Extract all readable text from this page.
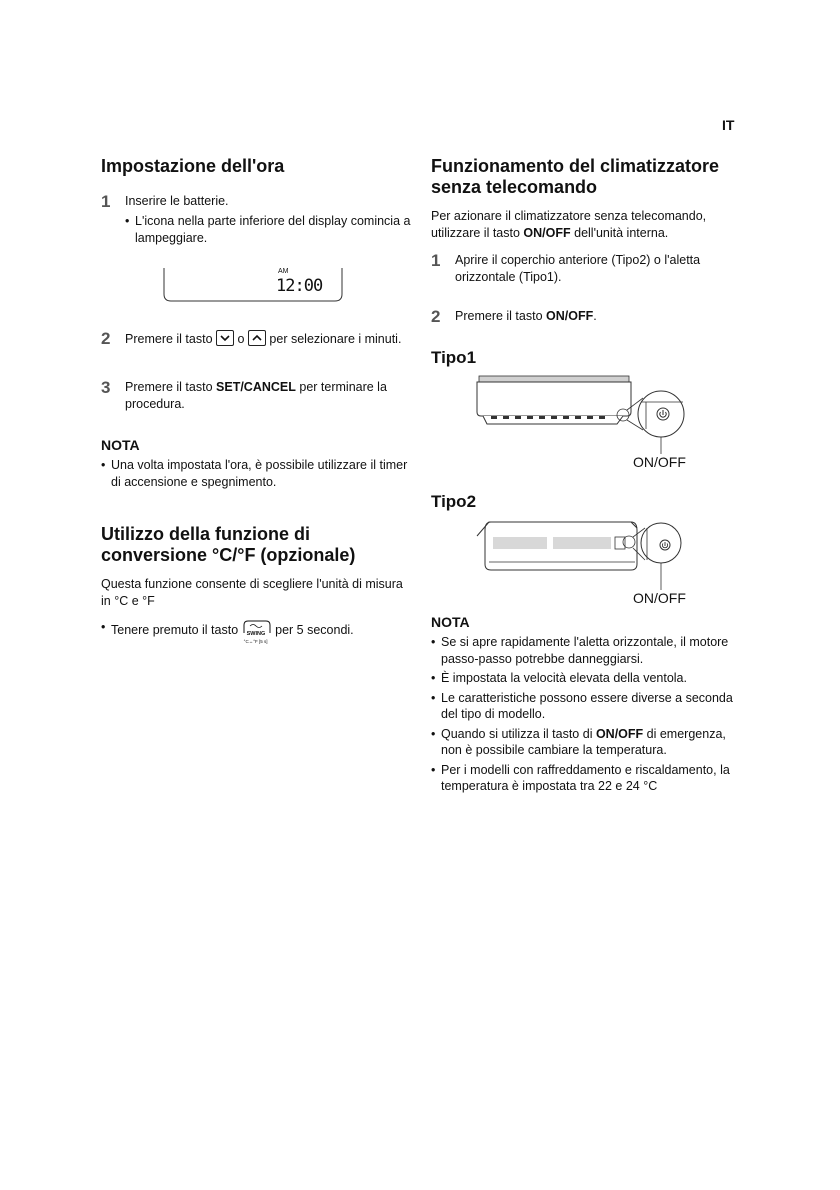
IT
Impostazione dell'ora
1	Inserire le batterie.
• L'icona nella parte inferiore del display comincia a lampeggiare.
AM
12:00
2	Premere il tasto o per selezionare i minuti.
3	Premere il tasto SET/CANCEL per terminare la procedura.
NOTA
• Una volta impostata l'ora, è possibile utilizzare il timer di accensione e spegnimento.
Utilizzo della funzione di
conversione °C/°F (opzionale)

Questa funzione consente di scegliere l'unità di misura in °C e °F

• Tenere premuto il tasto SWING
°C↔°F [5 s]
per 5 secondi.
Funzionamento del climatizzatore
senza telecomando

Per azionare il climatizzatore senza telecomando, utilizzare il tasto ON/OFF dell'unità interna.

1	Aprire il coperchio anteriore (Tipo2) o l'aletta orizzontale (Tipo1).
2	Premere il tasto ON/OFF.
Tipo1
ON/OFF
Tipo2
ON/OFF
NOTA
• Se si apre rapidamente l'aletta orizzontale, il motore passo-passo potrebbe danneggiarsi.
• È impostata la velocità elevata della ventola.
• Le caratteristiche possono essere diverse a seconda del tipo di modello.
• Quando si utilizza il tasto di ON/OFF di emergenza, non è possibile cambiare la temperatura.
• Per i modelli con raffreddamento e riscaldamento, la temperatura è impostata tra 22 e 24 °C
